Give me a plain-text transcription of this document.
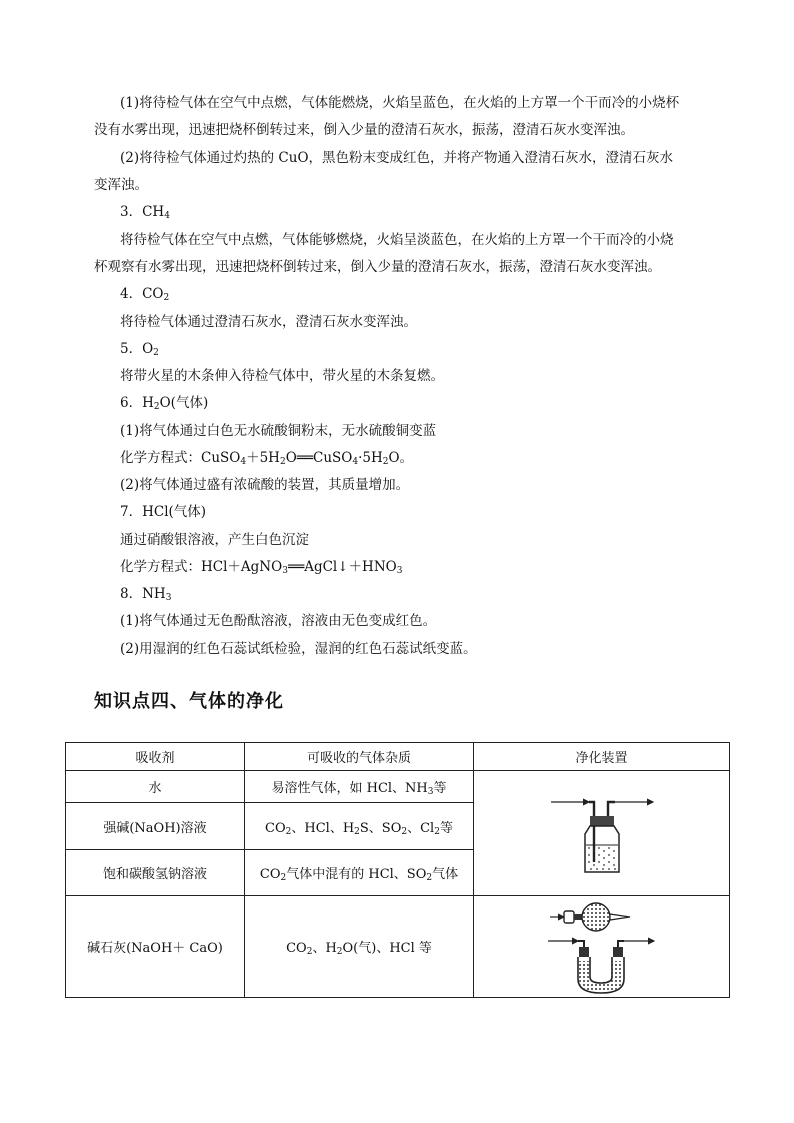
(1)将待检气体在空气中点燃，气体能燃烧，火焰呈蓝色，在火焰的上方罩一个干而冷的小烧杯
没有水雾出现，迅速把烧杯倒转过来，倒入少量的澄清石灰水，振荡，澄清石灰水变浑浊。
(2)将待检气体通过灼热的 CuO，黑色粉末变成红色，并将产物通入澄清石灰水，澄清石灰水
变浑浊。
3．$CH_4$
将待检气体在空气中点燃，气体能够燃烧，火焰呈淡蓝色，在火焰的上方罩一个干而冷的小烧
杯观察有水雾出现，迅速把烧杯倒转过来，倒入少量的澄清石灰水，振荡，澄清石灰水变浑浊。
4．$CO_2$
将待检气体通过澄清石灰水，澄清石灰水变浑浊。
5．$O_2$
将带火星的木条伸入待检气体中，带火星的木条复燃。
6．$H_2O$(气体)
(1)将气体通过白色无水硫酸铜粉末，无水硫酸铜变蓝
化学方程式：$CuSO_4+5H_2O══CuSO_4\cdot 5H_2O$。
(2)将气体通过盛有浓硫酸的装置，其质量增加。
7．HCl(气体)
通过硝酸银溶液，产生白色沉淀
化学方程式：$HCl+AgNO_3══AgCl↓+HNO_3$
8．$NH_3$
(1)将气体通过无色酚酞溶液，溶液由无色变成红色。
(2)用湿润的红色石蕊试纸检验，湿润的红色石蕊试纸变蓝。
知识点四、气体的净化
吸收剂	可吸收的气体杂质	净化装置
水	易溶性气体，如 HCl、$NH_3$等	

强碱(NaOH)溶液	$CO_2$、HCl、$H_2S$、$SO_2$、$Cl_2$等	
饱和碳酸氢钠溶液	$CO_2$气体中混有的 HCl、$SO_2$气体	
碱石灰(NaOH＋ CaO)	$CO_2$、$H_2O$(气)、HCl 等	
